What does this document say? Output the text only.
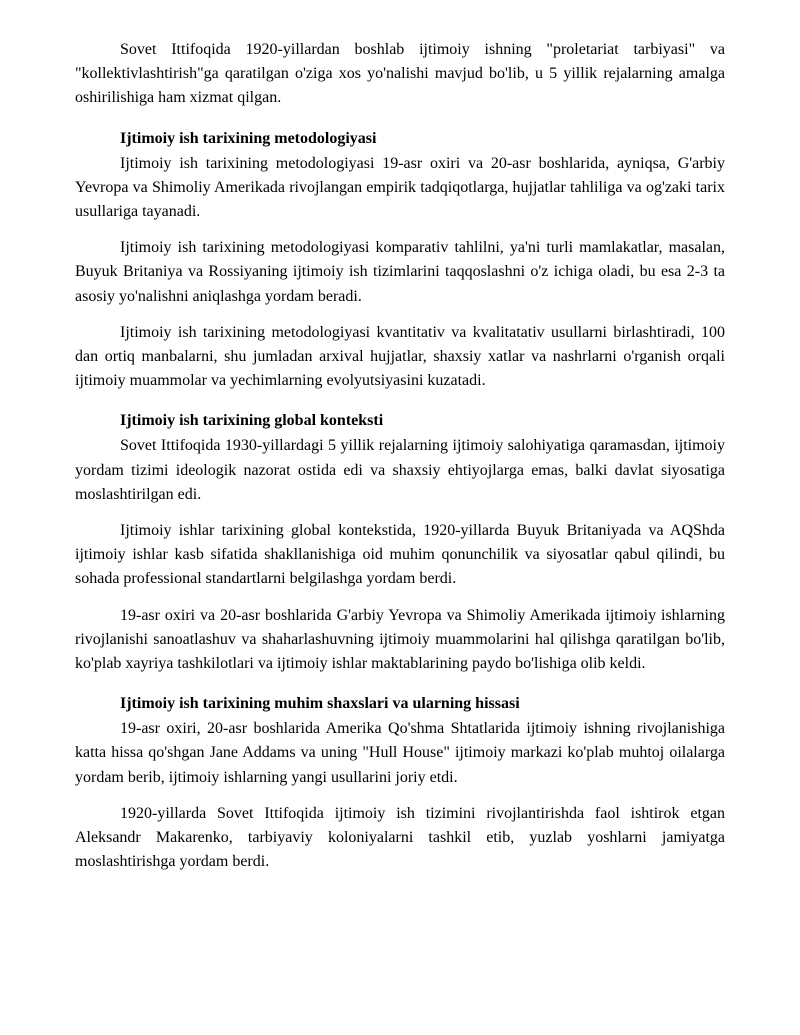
Sovet Ittifoqida 1920-yillardan boshlab ijtimoiy ishning "proletariat tarbiyasi" va "kollektivlashtirish"ga qaratilgan o'ziga xos yo'nalishi mavjud bo'lib, u 5 yillik rejalarning amalga oshirilishiga ham xizmat qilgan.

Ijtimoiy ish tarixining metodologiyasi

Ijtimoiy ish tarixining metodologiyasi 19-asr oxiri va 20-asr boshlarida, ayniqsa, G'arbiy Yevropa va Shimoliy Amerikada rivojlangan empirik tadqiqotlarga, hujjatlar tahliliga va og'zaki tarix usullariga tayanadi.

Ijtimoiy ish tarixining metodologiyasi komparativ tahlilni, ya'ni turli mamlakatlar, masalan, Buyuk Britaniya va Rossiyaning ijtimoiy ish tizimlarini taqqoslashni o'z ichiga oladi, bu esa 2-3 ta asosiy yo'nalishni aniqlashga yordam beradi.

Ijtimoiy ish tarixining metodologiyasi kvantitativ va kvalitatativ usullarni birlashtiradi, 100 dan ortiq manbalarni, shu jumladan arxival hujjatlar, shaxsiy xatlar va nashrlarni o'rganish orqali ijtimoiy muammolar va yechimlarning evolyutsiyasini kuzatadi.

Ijtimoiy ish tarixining global konteksti

Sovet Ittifoqida 1930-yillardagi 5 yillik rejalarning ijtimoiy salohiyatiga qaramasdan, ijtimoiy yordam tizimi ideologik nazorat ostida edi va shaxsiy ehtiyojlarga emas, balki davlat siyosatiga moslashtirilgan edi.

Ijtimoiy ishlar tarixining global kontekstida, 1920-yillarda Buyuk Britaniyada va AQShda ijtimoiy ishlar kasb sifatida shakllanishiga oid muhim qonunchilik va siyosatlar qabul qilindi, bu sohada professional standartlarni belgilashga yordam berdi.

19-asr oxiri va 20-asr boshlarida G'arbiy Yevropa va Shimoliy Amerikada ijtimoiy ishlarning rivojlanishi sanoatlashuv va shaharlashuvning ijtimoiy muammolarini hal qilishga qaratilgan bo'lib, ko'plab xayriya tashkilotlari va ijtimoiy ishlar maktablarining paydo bo'lishiga olib keldi.

Ijtimoiy ish tarixining muhim shaxslari va ularning hissasi

19-asr oxiri, 20-asr boshlarida Amerika Qo'shma Shtatlarida ijtimoiy ishning rivojlanishiga katta hissa qo'shgan Jane Addams va uning "Hull House" ijtimoiy markazi ko'plab muhtoj oilalarga yordam berib, ijtimoiy ishlarning yangi usullarini joriy etdi.

1920-yillarda Sovet Ittifoqida ijtimoiy ish tizimini rivojlantirishda faol ishtirok etgan Aleksandr Makarenko, tarbiyaviy koloniyalarni tashkil etib, yuzlab yoshlarni jamiyatga moslashtirishga yordam berdi.
